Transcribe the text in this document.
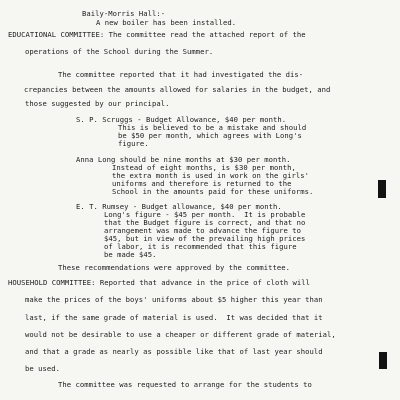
Baily-Morris Hall:-
A new boiler has been installed.
EDUCATIONAL COMMITTEE: The committee read the attached report of the
operations of the School during the Summer.
The committee reported that it had investigated the dis-
crepancies between the amounts allowed for salaries in the budget, and
those suggested by our principal.
S. P. Scruggs - Budget Allowance, $40 per month.
This is believed to be a mistake and should
be $50 per month, which agrees with Long's
figure.
Anna Long should be nine months at $30 per month.
Instead of eight months, is $30 per month,
the extra month is used in work on the girls'
uniforms and therefore is returned to the
School in the amounts paid for these uniforms.
E. T. Rumsey - Budget allowance, $40 per month.
Long's figure - $45 per month.  It is probable
that the Budget figure is correct, and that no
arrangement was made to advance the figure to
$45, but in view of the prevailing high prices
of labor, it is recommended that this figure
be made $45.
These recommendations were approved by the committee.
HOUSEHOLD COMMITTEE: Reported that advance in the price of cloth will
make the prices of the boys' uniforms about $5 higher this year than
last, if the same grade of material is used.  It was decided that it
would not be desirable to use a cheaper or different grade of material,
and that a grade as nearly as possible like that of last year should
be used.
The committee was requested to arrange for the students to
